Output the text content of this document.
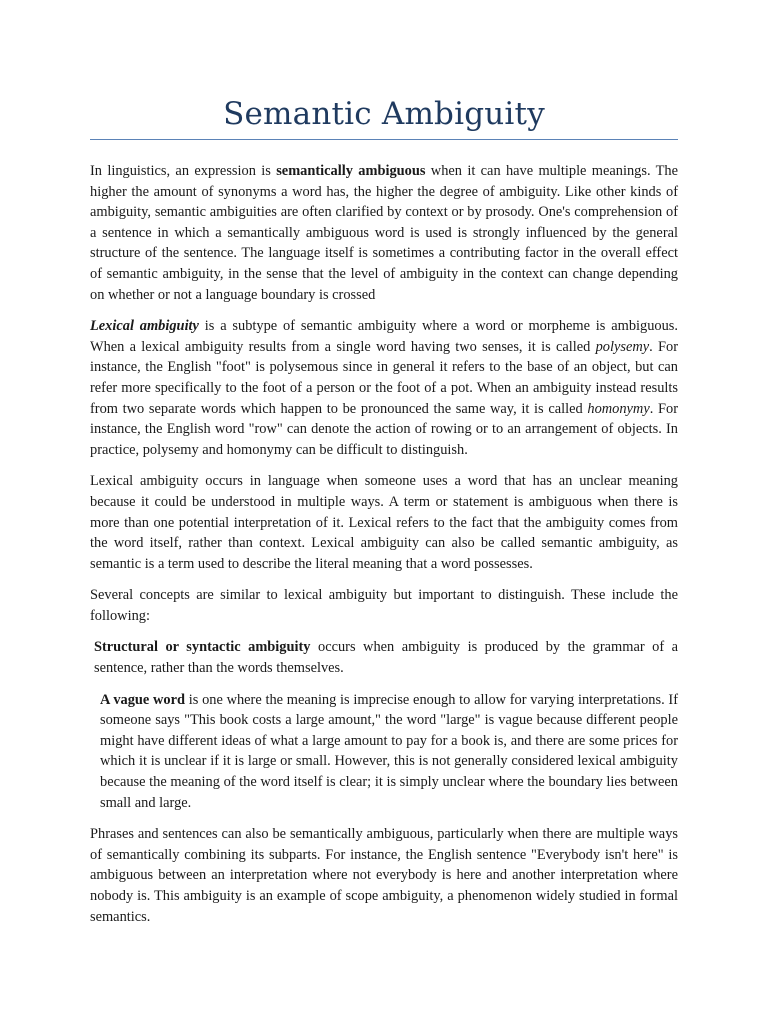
Semantic Ambiguity

In linguistics, an expression is semantically ambiguous when it can have multiple meanings. The higher the amount of synonyms a word has, the higher the degree of ambiguity. Like other kinds of ambiguity, semantic ambiguities are often clarified by context or by prosody. One's comprehension of a sentence in which a semantically ambiguous word is used is strongly influenced by the general structure of the sentence. The language itself is sometimes a contributing factor in the overall effect of semantic ambiguity, in the sense that the level of ambiguity in the context can change depending on whether or not a language boundary is crossed

Lexical ambiguity is a subtype of semantic ambiguity where a word or morpheme is ambiguous. When a lexical ambiguity results from a single word having two senses, it is called polysemy. For instance, the English "foot" is polysemous since in general it refers to the base of an object, but can refer more specifically to the foot of a person or the foot of a pot. When an ambiguity instead results from two separate words which happen to be pronounced the same way, it is called homonymy. For instance, the English word "row" can denote the action of rowing or to an arrangement of objects. In practice, polysemy and homonymy can be difficult to distinguish.

Lexical ambiguity occurs in language when someone uses a word that has an unclear meaning because it could be understood in multiple ways. A term or statement is ambiguous when there is more than one potential interpretation of it. Lexical refers to the fact that the ambiguity comes from the word itself, rather than context. Lexical ambiguity can also be called semantic ambiguity, as semantic is a term used to describe the literal meaning that a word possesses.

Several concepts are similar to lexical ambiguity but important to distinguish. These include the following:

Structural or syntactic ambiguity occurs when ambiguity is produced by the grammar of a sentence, rather than the words themselves.

A vague word is one where the meaning is imprecise enough to allow for varying interpretations. If someone says "This book costs a large amount," the word "large" is vague because different people might have different ideas of what a large amount to pay for a book is, and there are some prices for which it is unclear if it is large or small. However, this is not generally considered lexical ambiguity because the meaning of the word itself is clear; it is simply unclear where the boundary lies between small and large.

Phrases and sentences can also be semantically ambiguous, particularly when there are multiple ways of semantically combining its subparts. For instance, the English sentence "Everybody isn't here" is ambiguous between an interpretation where not everybody is here and another interpretation where nobody is. This ambiguity is an example of scope ambiguity, a phenomenon widely studied in formal semantics.
